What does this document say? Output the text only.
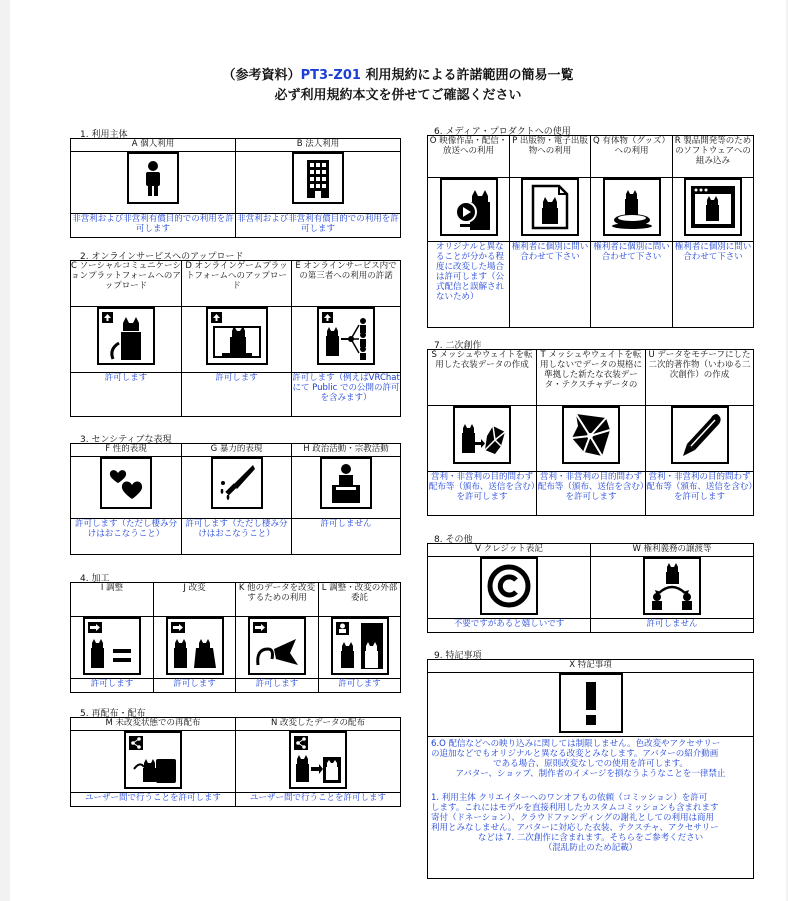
（参考資料）PT3-Z01 利用規約による許諾範囲の簡易一覧
必ず利用規約本文を併せてご確認ください
1. 利用主体
A 個人利用	B 法人利用

非営利および非営利有償目的での利用を許可します	非営利および非営利有償目的での利用を許可します
2. オンラインサービスへのアップロード
C ソーシャルコミュニケーションプラットフォームへのアップロード	D オンラインゲームプラットフォームへのアップロード	E オンラインサービス内での第三者への利用の許諾

許可します	許可します	許可します（例えばVRChat にて Public での公開の許可を含みます）
3. センシティブな表現
F 性的表現	G 暴力的表現	H 政治活動・宗教活動

許可します（ただし棲み分けはおこなうこと）	許可します（ただし棲み分けはおこなうこと）	許可しません
4. 加工
I 調整	J 改変	K 他のデータを改変するための利用	L 調整・改変の外部委託

許可します	許可します	許可します	許可します
5. 再配布・配布
M 未改変状態での再配布	N 改変したデータの配布

ユーザー間で行うことを許可します	ユーザー間で行うことを許可します
6. メディア・プロダクトへの使用
O 映像作品・配信・放送への利用	P 出版物・電子出版物への利用	Q 有体物（グッズ）への利用	R 製品開発等のためのソフトウェアへの組み込み

オリジナルと異なることが分かる程度に改変した場合は許可します（公式配信と誤解されないため）	権利者に個別に問い合わせて下さい	権利者に個別に問い合わせて下さい	権利者に個別に問い合わせて下さい
7. 二次創作
S メッシュやウェイトを転用した衣装データの作成	T メッシュやウェイトを転用しないでデータの規格に準拠した新たな衣装データ・テクスチャデータの	U データをモチーフにした二次的著作物（いわゆる二次創作）の作成

営利・非営利の目的問わず配布等（頒布、送信を含む）を許可します	営利・非営利の目的問わず配布等（頒布、送信を含む）を許可します	営利・非営利の目的問わず配布等（頒布、送信を含む）を許可します
8. その他
V クレジット表記	W 権利義務の譲渡等

不要ですがあると嬉しいです	許可しません
9. 特記事項
X 特記事項

6.O 配信などへの映り込みに関しては制限しません。色改変やアクセサリー

の追加などでもオリジナルと異なる改変とみなします。アバターの紹介動画

である場合、原則改変なしでの使用を許可します。

アバター、ショップ、制作者のイメージを損なうようなことを一律禁止

1. 利用主体 クリエイターへのワンオフもの依頼（コミッション）を許可

します。これにはモデルを直接利用したカスタムコミッションも含まれます

寄付（ドネーション）、クラウドファンディングの謝礼としての利用は商用

利用とみなしません。アバターに対応した衣装、テクスチャ、アクセサリー

などは 7. 二次創作に含まれます。そちらをご参考ください

（混乱防止のため記載）
